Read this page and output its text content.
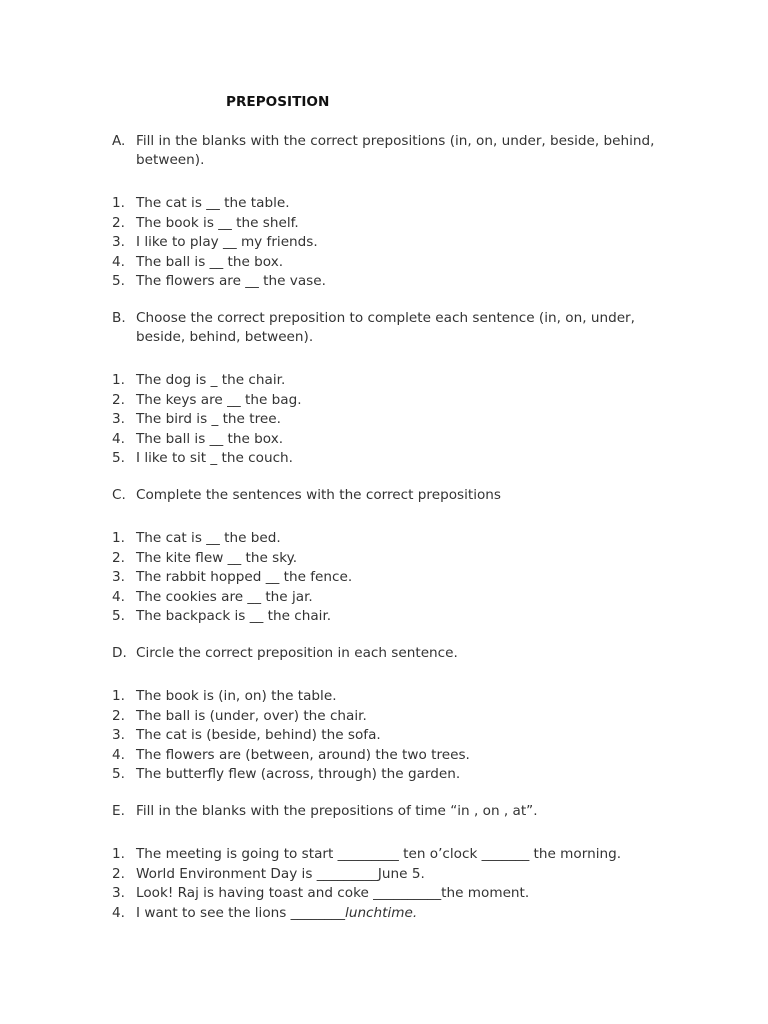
PREPOSITION
A. Fill in the blanks with the correct prepositions (in, on, under, beside, behind, between).
1. The cat is __ the table.
2. The book is __ the shelf.
3. I like to play __ my friends.
4. The ball is __ the box.
5. The flowers are __ the vase.
B. Choose the correct preposition to complete each sentence (in, on, under, beside, behind, between).
1. The dog is _ the chair.
2. The keys are __ the bag.
3. The bird is _ the tree.
4. The ball is __ the box.
5. I like to sit _ the couch.
C. Complete the sentences with the correct prepositions
1. The cat is __ the bed.
2. The kite flew __ the sky.
3. The rabbit hopped __ the fence.
4. The cookies are __ the jar.
5. The backpack is __ the chair.
D. Circle the correct preposition in each sentence.
1. The book is (in, on) the table.
2. The ball is (under, over) the chair.
3. The cat is (beside, behind) the sofa.
4. The flowers are (between, around) the two trees.
5. The butterfly flew (across, through) the garden.
E. Fill in the blanks with the prepositions of time “in , on , at”.
1. The meeting is going to start _________ ten o’clock _______ the morning.
2. World Environment Day is _________June 5.
3. Look! Raj is having toast and coke __________the moment.
4. I want to see the lions ________lunchtime.
